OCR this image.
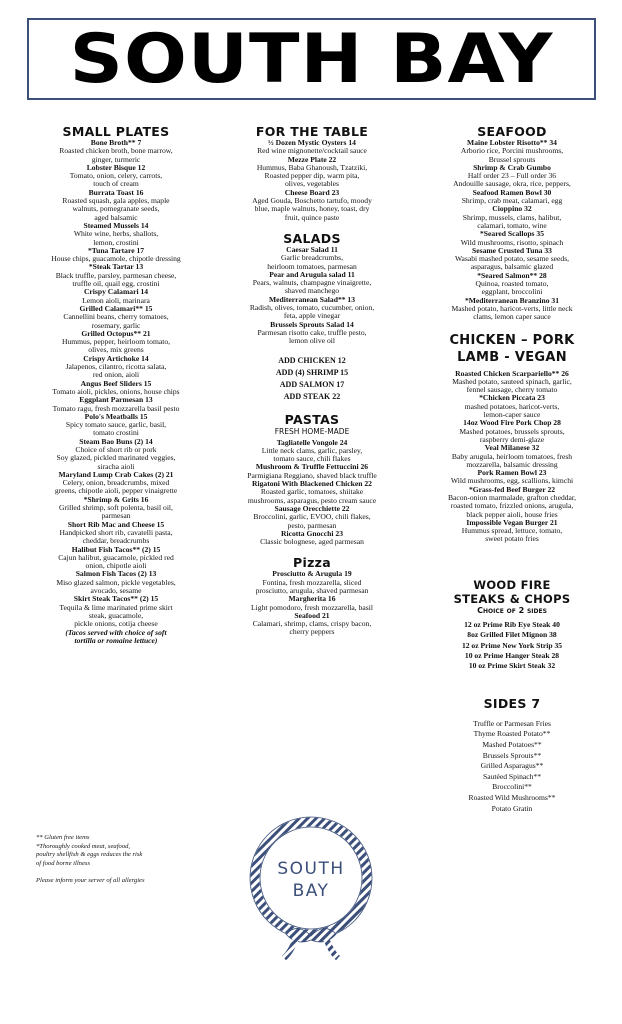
SOUTH BAY
SMALL PLATES
Bone Broth** 7
Roasted chicken broth, bone marrow,
ginger, turmeric
Lobster Bisque 12
Tomato, onion, celery, carrots,
touch of cream
Burrata Toast 16
Roasted squash, gala apples, maple
walnuts, pomegranate seeds,
aged balsamic
Steamed Mussels 14
White wine, herbs, shallots,
lemon, crostini
*Tuna Tartare 17
House chips, guacamole, chipotle dressing
*Steak Tartar 13
Black truffle, parsley, parmesan cheese,
truffle oil, quail egg, crostini
Crispy Calamari 14
Lemon aioli, marinara
Grilled Calamari** 15
Cannellini beans, cherry tomatoes,
rosemary, garlic
Grilled Octopus** 21
Hummus, pepper, heirloom tomato,
olives, mix greens
Crispy Artichoke 14
Jalapenos, cilantro, ricotta salata,
red onion, aioli
Angus Beef Sliders 15
Tomato aioli, pickles, onions, house chips
Eggplant Parmesan 13
Tomato ragu, fresh mozzarella basil pesto
Polo's Meatballs 15
Spicy tomato sauce, garlic, basil,
tomato crostini
Steam Bao Buns (2) 14
Choice of short rib or pork
Soy glazed, pickled marinated veggies,
siracha aioli
Maryland Lump Crab Cakes (2) 21
Celery, onion, breadcrumbs, mixed
greens, chipotle aioli, pepper vinaigrette
*Shrimp & Grits 16
Grilled shrimp, soft polenta, basil oil,
parmesan
Short Rib Mac and Cheese 15
Handpicked short rib, cavatelli pasta,
cheddar, breadcrumbs
Halibut Fish Tacos** (2) 15
Cajun halibut, guacamole, pickled red
onion, chipotle aioli
Salmon Fish Tacos (2) 13
Miso glazed salmon, pickle vegetables,
avocado, sesame
Skirt Steak Tacos** (2) 15
Tequila & lime marinated prime skirt
steak, guacamole,
pickle onions, cotija cheese
(Tacos served with choice of soft
tortilla or romaine lettuce)
FOR THE TABLE
½ Dozen Mystic Oysters 14
Red wine mignonette/cocktail sauce
Mezze Plate 22
Hummus, Baba Ghanoush, Tzatziki,
Roasted pepper dip, warm pita,
olives, vegetables
Cheese Board 23
Aged Gouda, Boschetto tartufo, moody
blue, maple walnuts, honey, toast, dry
fruit, quince paste
SALADS
Caesar Salad 11
Garlic breadcrumbs,
heirloom tomatoes, parmesan
Pear and Arugula salad 11
Pears, walnuts, champagne vinaigrette,
shaved manchego
Mediterranean Salad** 13
Radish, olives, tomato, cucumber, onion,
feta, apple vinegar
Brussels Sprouts Salad 14
Parmesan risotto cake, truffle pesto,
lemon olive oil
ADD CHICKEN 12
ADD (4) SHRIMP 15
ADD SALMON 17
ADD STEAK 22
PASTAS

FRESH HOME-MADE

Tagliatelle Vongole 24
Little neck clams, garlic, parsley,
tomato sauce, chili flakes
Mushroom & Truffle Fettuccini 26
Parmigiana Reggiano, shaved black truffle
Rigatoni With Blackened Chicken 22
Roasted garlic, tomatoes, shiitake
mushrooms, asparagus, pesto cream sauce
Sausage Orecchiette 22
Broccolini, garlic, EVOO, chili flakes,
pesto, parmesan
Ricotta Gnocchi 23
Classic bolognese, aged parmesan
Pizza
Prosciutto & Arugula 19
Fontina, fresh mozzarella, sliced
prosciutto, arugula, shaved parmesan
Margherita 16
Light pomodoro, fresh mozzarella, basil
Seafood 21
Calamari, shrimp, clams, crispy bacon,
cherry peppers
SEAFOOD
Maine Lobster Risotto** 34
Arborio rice, Porcini mushrooms,
Brussel sprouts
Shrimp & Crab Gumbo
Half order 23 – Full order 36
Andouille sausage, okra, rice, peppers,
Seafood Ramen Bowl 30
Shrimp, crab meat, calamari, egg
Cioppino 32
Shrimp, mussels, clams, halibut,
calamari, tomato, wine
*Seared Scallops 35
Wild mushrooms, risotto, spinach
Sesame Crusted Tuna 33
Wasabi mashed potato, sesame seeds,
asparagus, balsamic glazed
*Seared Salmon** 28
Quinoa, roasted tomato,
eggplant, broccolini
*Mediterranean Branzino 31
Mashed potato, haricot-verts, little neck
clams, lemon caper sauce
CHICKEN – PORK
LAMB - VEGAN
Roasted Chicken Scarpariello** 26
Mashed potato, sauteed spinach, garlic,
fennel sausage, cherry tomato
*Chicken Piccata 23
mashed potatoes, haricot-verts,
lemon-caper sauce
14oz Wood Fire Pork Chop 28
Mashed potatoes, brussels sprouts,
raspberry demi-glaze
Veal Milanese 32
Baby arugula, heirloom tomatoes, fresh
mozzarella, balsamic dressing
Pork Ramen Bowl 23
Wild mushrooms, egg, scallions, kimchi
*Grass-fed Beef Burger 22
Bacon-onion marmalade, grafton cheddar,
roasted tomato, frizzled onions, arugula,
black pepper aioli, house fries
Impossible Vegan Burger 21
Hummus spread, lettuce, tomato,
sweet potato fries
WOOD FIRE
STEAKS & CHOPS

Choice of 2 sides

12 oz Prime Rib Eye Steak 40
8oz Grilled Filet Mignon 38
12 oz Prime New York Strip 35
10 oz Prime Hanger Steak 28
10 oz Prime Skirt Steak 32
SIDES 7
Truffle or Parmesan Fries
Thyme Roasted Potato**
Mashed Potatoes**
Brussels Sprouts**
Grilled Asparagus**
Sautéed Spinach**
Broccolini**
Roasted Wild Mushrooms**
Potato Gratin
** Gluten free items
*Thoroughly cooked meat, seafood,
poultry shellfish & eggs reduces the risk
of food borne illness
Please inform your server of all allergies
SOUTH
BAY
